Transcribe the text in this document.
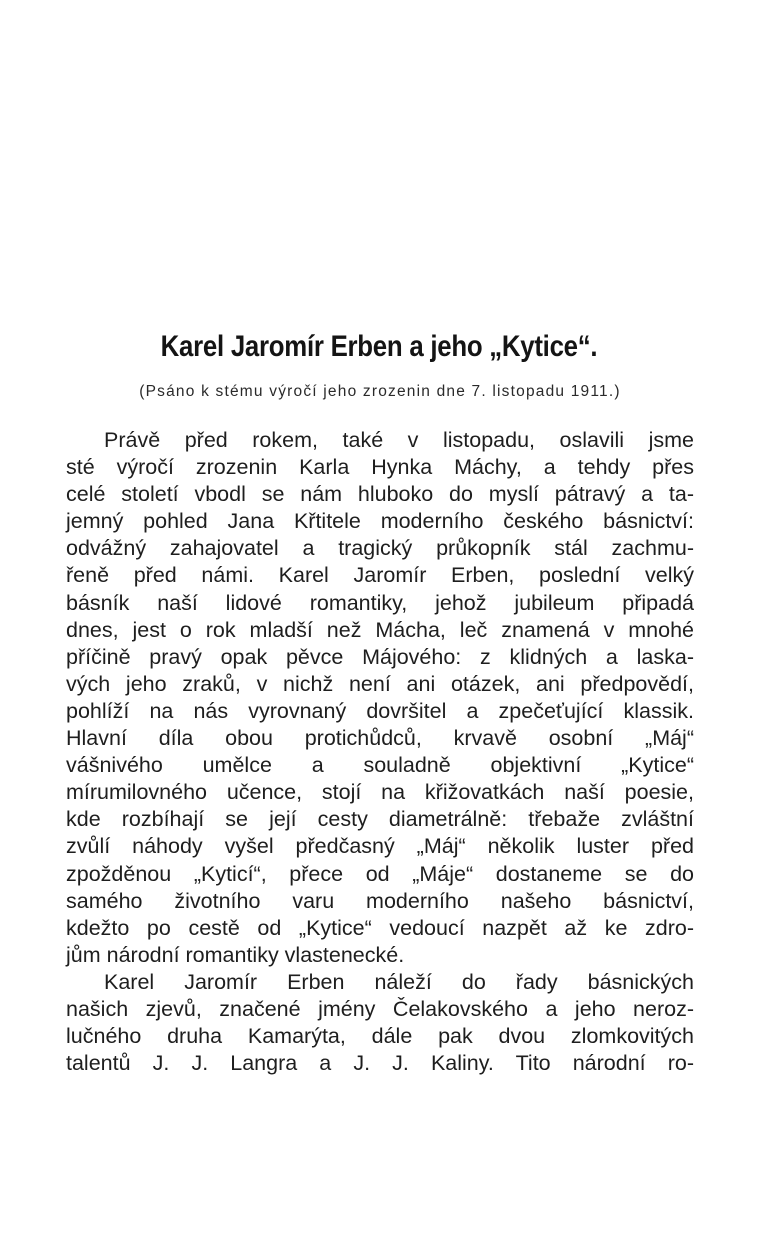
Karel Jaromír Erben a jeho „Kytice“.
(Psáno k stému výročí jeho zrozenin dne 7. listopadu 1911.)
Právě před rokem, také v listopadu, oslavili jsme
sté výročí zrozenin Karla Hynka Máchy, a tehdy přes
celé století vbodl se nám hluboko do myslí pátravý a ta-
jemný pohled Jana Křtitele moderního českého básnictví:
odvážný zahajovatel a tragický průkopník stál zachmu-
řeně před námi. Karel Jaromír Erben, poslední velký
básník naší lidové romantiky, jehož jubileum připadá
dnes, jest o rok mladší než Mácha, leč znamená v mnohé
příčině pravý opak pěvce Májového: z klidných a laska-
vých jeho zraků, v nichž není ani otázek, ani předpovědí,
pohlíží na nás vyrovnaný dovršitel a zpečeťující klassik.
Hlavní díla obou protichůdců, krvavě osobní „Máj“
vášnivého umělce a souladně objektivní „Kytice“
mírumilovného učence, stojí na křižovatkách naší poesie,
kde rozbíhají se její cesty diametrálně: třebaže zvláštní
zvůlí náhody vyšel předčasný „Máj“ několik luster před
zpožděnou „Kyticí“, přece od „Máje“ dostaneme se do
samého životního varu moderního našeho básnictví,
kdežto po cestě od „Kytice“ vedoucí nazpět až ke zdro-
jům národní romantiky vlastenecké.
Karel Jaromír Erben náleží do řady básnických
našich zjevů, značené jmény Čelakovského a jeho neroz-
lučného druha Kamarýta, dále pak dvou zlomkovitých
talentů J. J. Langra a J. J. Kaliny. Tito národní ro-
